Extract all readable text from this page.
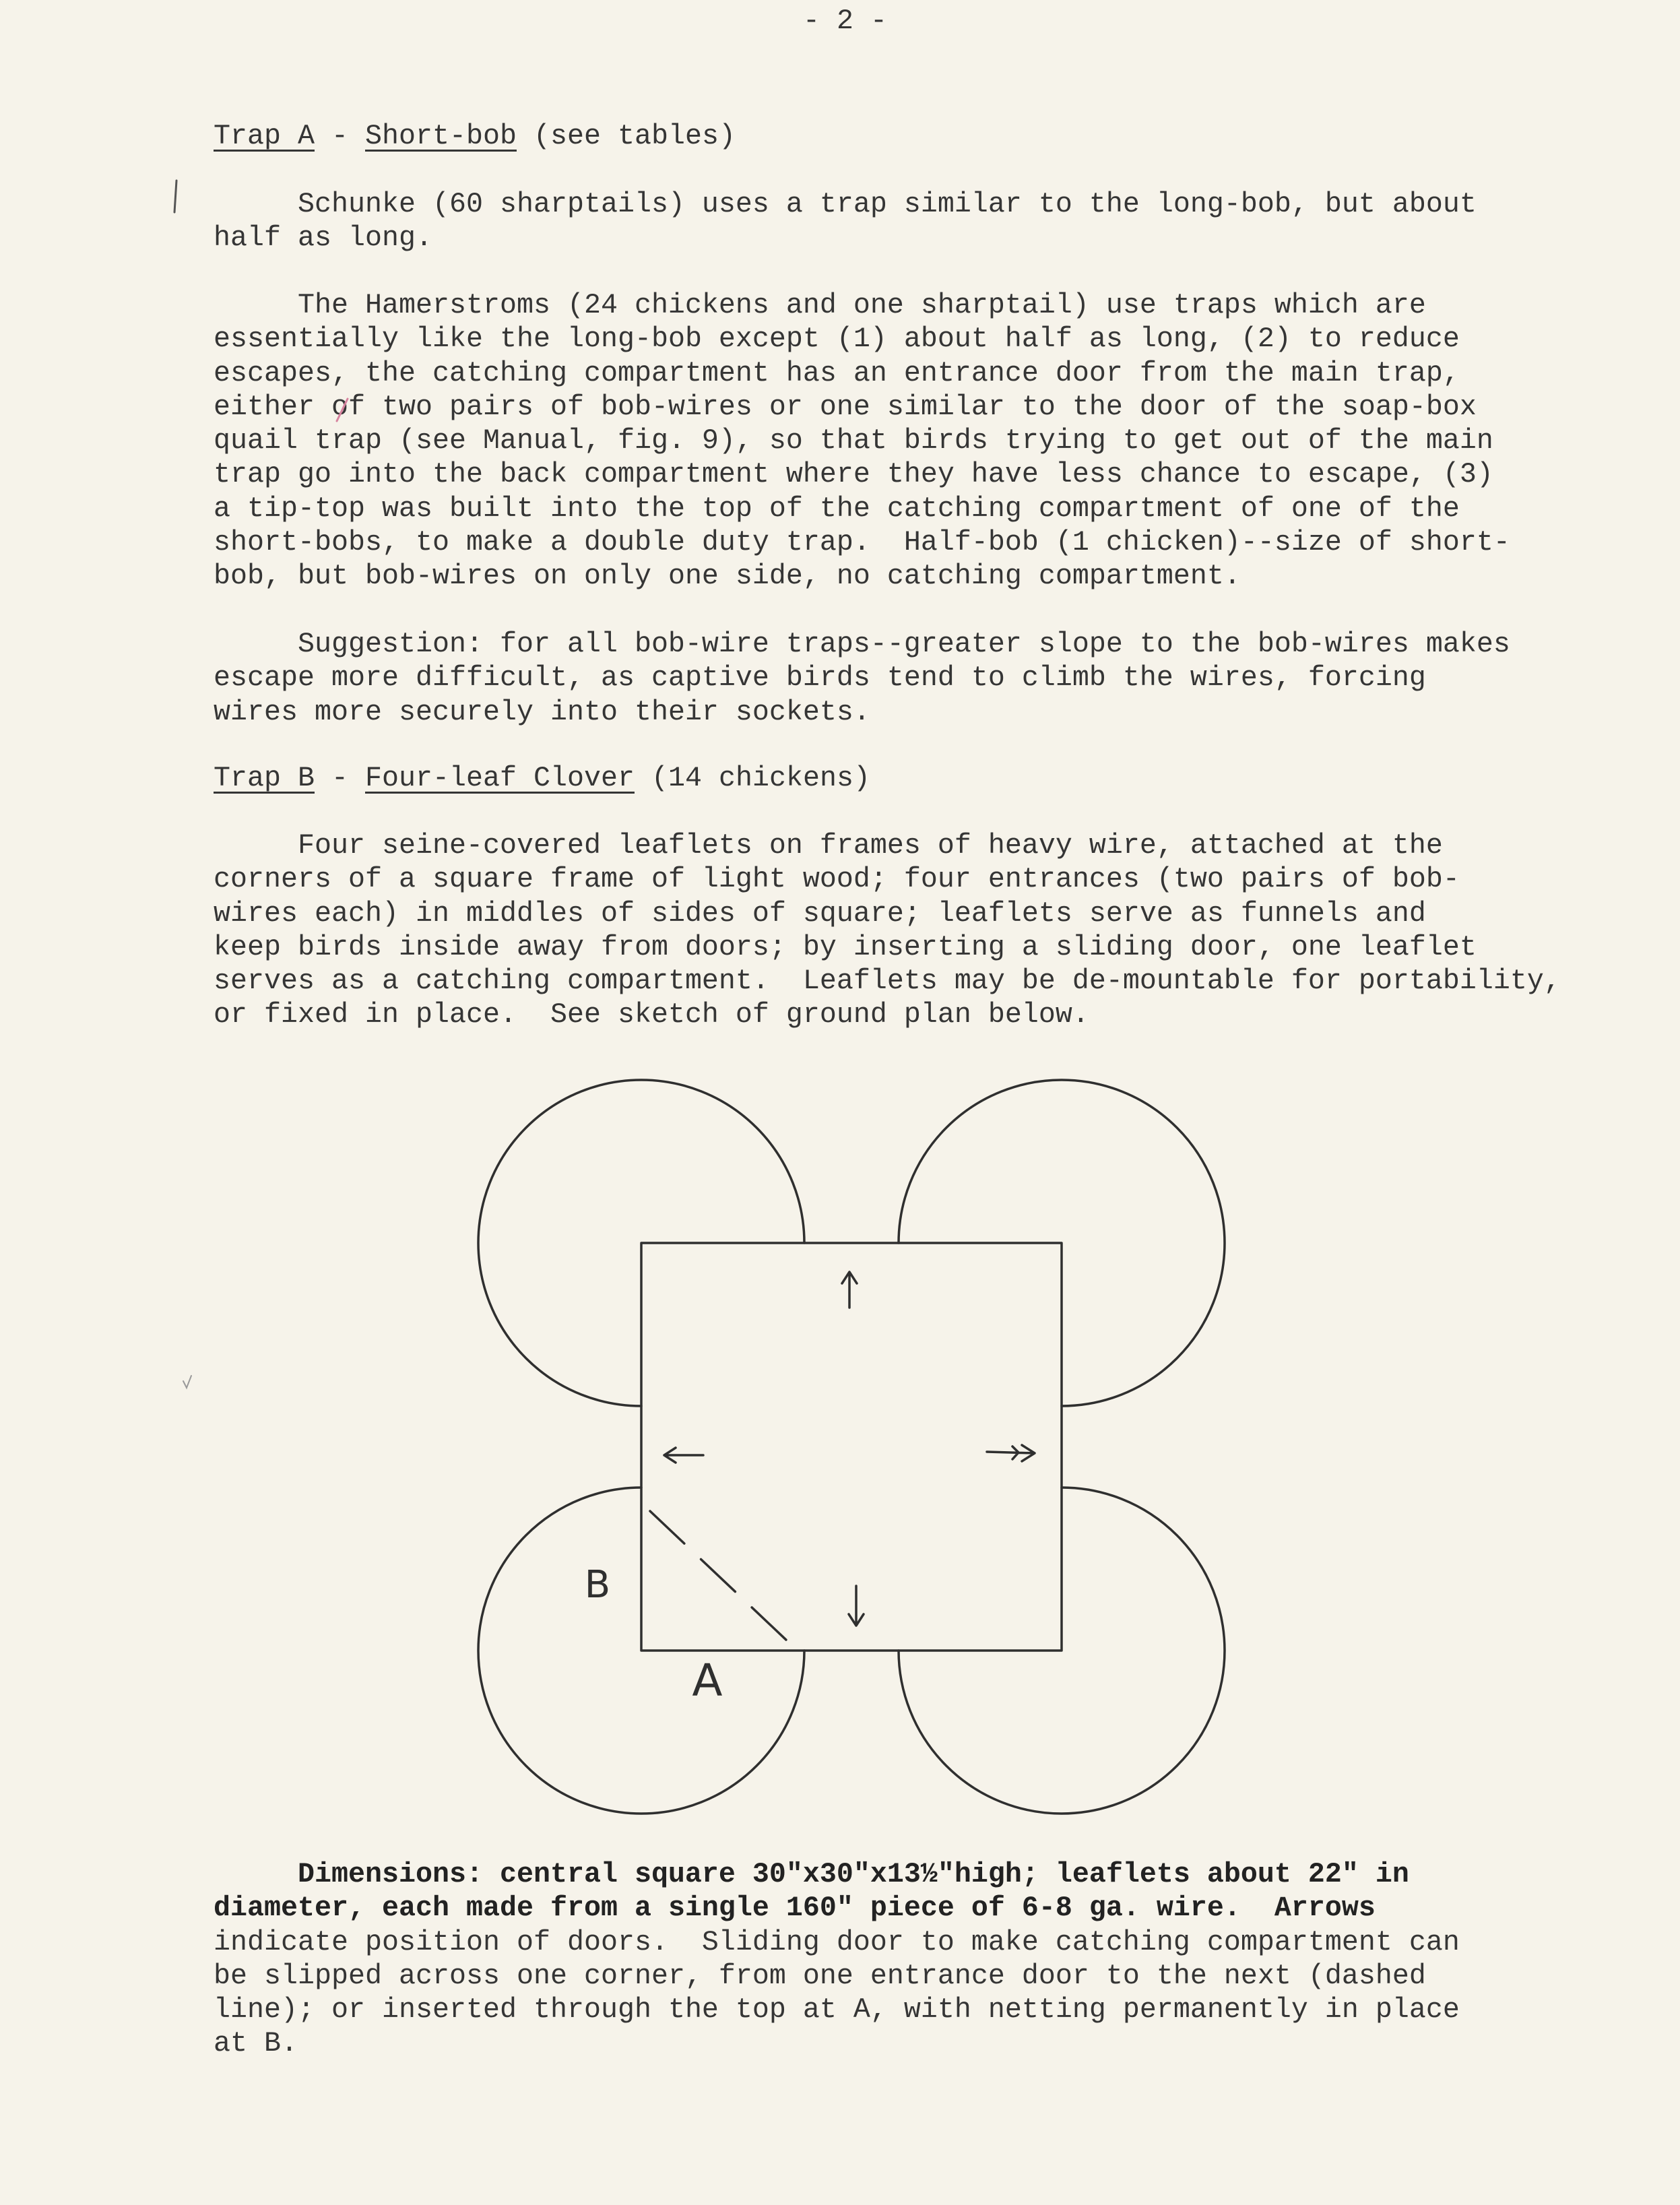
- 2 -
Trap A - Short-bob (see tables)
Schunke (60 sharptails) uses a trap similar to the long-bob, but about
half as long.
The Hamerstroms (24 chickens and one sharptail) use traps which are
essentially like the long-bob except (1) about half as long, (2) to reduce
escapes, the catching compartment has an entrance door from the main trap,
either of two pairs of bob-wires or one similar to the door of the soap-box
quail trap (see Manual, fig. 9), so that birds trying to get out of the main
trap go into the back compartment where they have less chance to escape, (3)
a tip-top was built into the top of the catching compartment of one of the
short-bobs, to make a double duty trap.  Half-bob (1 chicken)--size of short-
bob, but bob-wires on only one side, no catching compartment.
Suggestion: for all bob-wire traps--greater slope to the bob-wires makes
escape more difficult, as captive birds tend to climb the wires, forcing
wires more securely into their sockets.
Trap B - Four-leaf Clover (14 chickens)
Four seine-covered leaflets on frames of heavy wire, attached at the
corners of a square frame of light wood; four entrances (two pairs of bob-
wires each) in middles of sides of square; leaflets serve as funnels and
keep birds inside away from doors; by inserting a sliding door, one leaflet
serves as a catching compartment.  Leaflets may be de-mountable for portability,
or fixed in place.  See sketch of ground plan below.
Dimensions: central square 30"x30"x13½"high; leaflets about 22" in
diameter, each made from a single 160" piece of 6-8 ga. wire.  Arrows
indicate position of doors.  Sliding door to make catching compartment can
be slipped across one corner, from one entrance door to the next (dashed
line); or inserted through the top at A, with netting permanently in place
at B.
B
A
